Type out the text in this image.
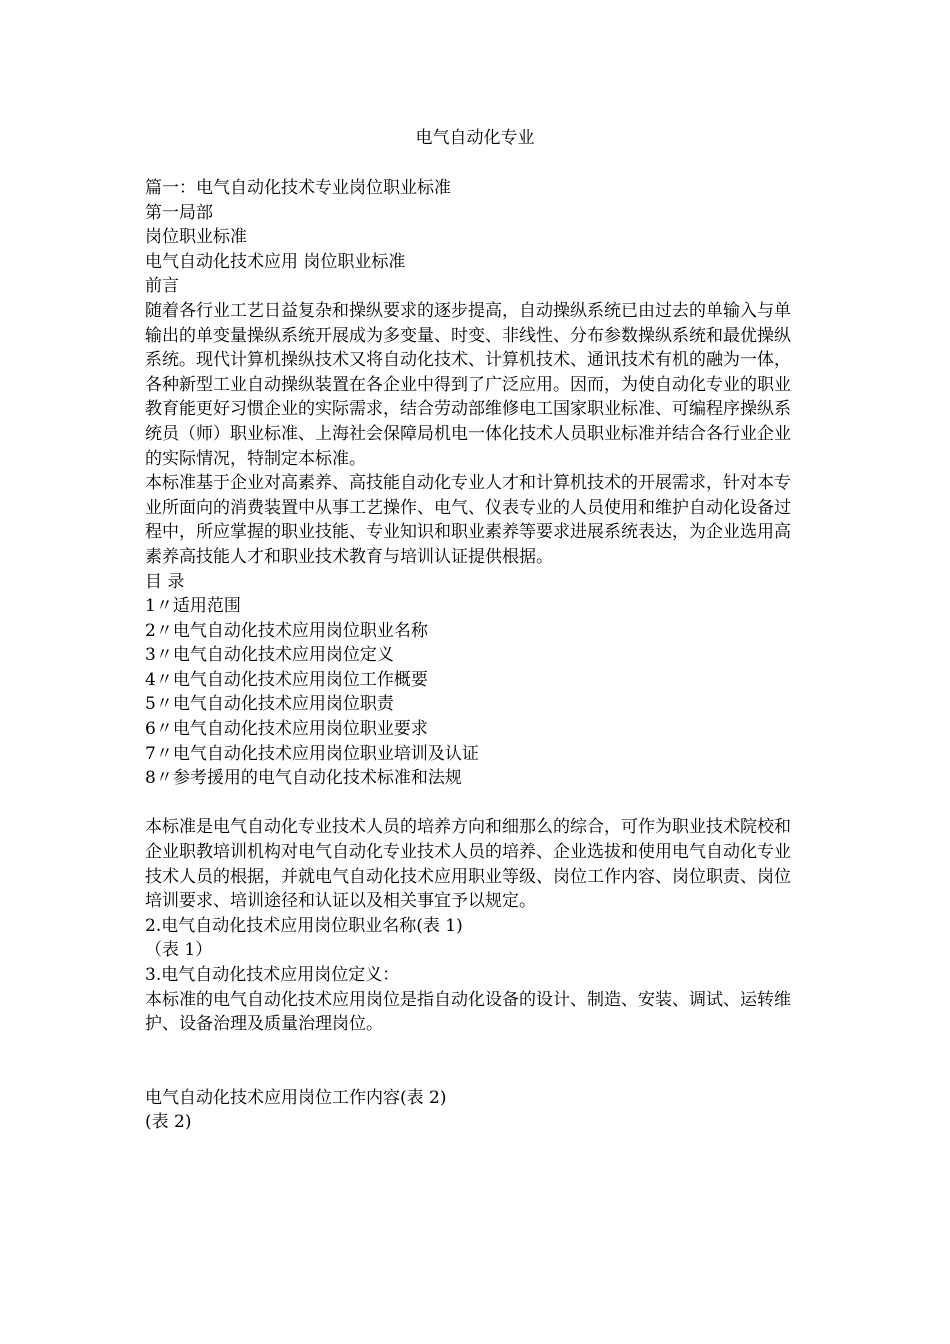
电气自动化专业

篇一：电气自动化技术专业岗位职业标准

第一局部

岗位职业标准

电气自动化技术应用 岗位职业标准

前言

随着各行业工艺日益复杂和操纵要求的逐步提高，自动操纵系统已由过去的单输入与单输出的单变量操纵系统开展成为多变量、时变、非线性、分布参数操纵系统和最优操纵系统。现代计算机操纵技术又将自动化技术、计算机技术、通讯技术有机的融为一体，各种新型工业自动操纵装置在各企业中得到了广泛应用。因而，为使自动化专业的职业教育能更好习惯企业的实际需求，结合劳动部维修电工国家职业标准、可编程序操纵系统员（师）职业标准、上海社会保障局机电一体化技术人员职业标准并结合各行业企业的实际情况，特制定本标准。

本标准基于企业对高素养、高技能自动化专业人才和计算机技术的开展需求，针对本专业所面向的消费装置中从事工艺操作、电气、仪表专业的人员使用和维护自动化设备过程中，所应掌握的职业技能、专业知识和职业素养等要求进展系统表达，为企业选用高素养高技能人才和职业技术教育与培训认证提供根据。

目 录

1〃适用范围

2〃电气自动化技术应用岗位职业名称

3〃电气自动化技术应用岗位定义

4〃电气自动化技术应用岗位工作概要

5〃电气自动化技术应用岗位职责

6〃电气自动化技术应用岗位职业要求

7〃电气自动化技术应用岗位职业培训及认证

8〃参考援用的电气自动化技术标准和法规

本标准是电气自动化专业技术人员的培养方向和细那么的综合，可作为职业技术院校和企业职教培训机构对电气自动化专业技术人员的培养、企业选拔和使用电气自动化专业技术人员的根据，并就电气自动化技术应用职业等级、岗位工作内容、岗位职责、岗位培训要求、培训途径和认证以及相关事宜予以规定。

2.电气自动化技术应用岗位职业名称(表 1)

（表 1）

3.电气自动化技术应用岗位定义：

本标准的电气自动化技术应用岗位是指自动化设备的设计、制造、安装、调试、运转维护、设备治理及质量治理岗位。

电气自动化技术应用岗位工作内容(表 2)

(表 2)
